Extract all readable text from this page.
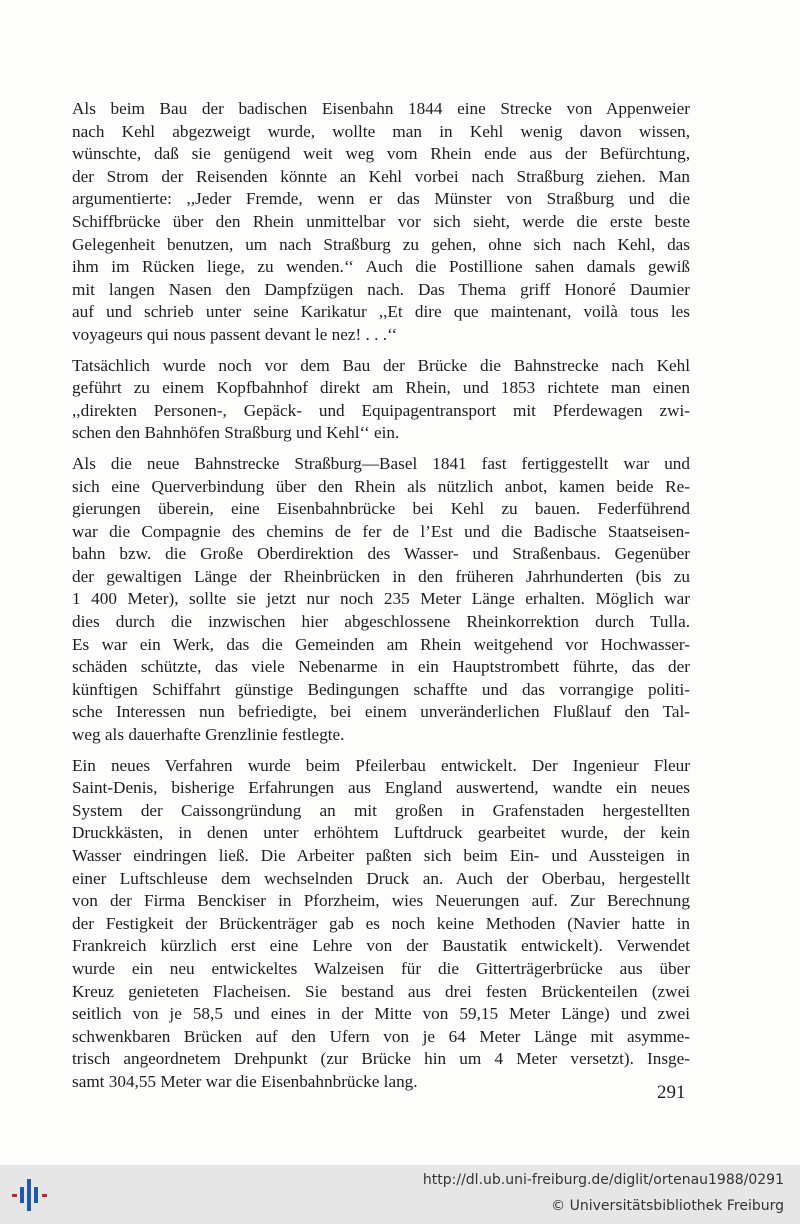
Als beim Bau der badischen Eisenbahn 1844 eine Strecke von Appenweier
nach Kehl abgezweigt wurde, wollte man in Kehl wenig davon wissen,
wünschte, daß sie genügend weit weg vom Rhein ende aus der Befürchtung,
der Strom der Reisenden könnte an Kehl vorbei nach Straßburg ziehen. Man
argumentierte: ,,Jeder Fremde, wenn er das Münster von Straßburg und die
Schiffbrücke über den Rhein unmittelbar vor sich sieht, werde die erste beste
Gelegenheit benutzen, um nach Straßburg zu gehen, ohne sich nach Kehl, das
ihm im Rücken liege, zu wenden.‘‘ Auch die Postillione sahen damals gewiß
mit langen Nasen den Dampfzügen nach. Das Thema griff Honoré Daumier
auf und schrieb unter seine Karikatur ,,Et dire que maintenant, voilà tous les
voyageurs qui nous passent devant le nez! . . .‘‘

Tatsächlich wurde noch vor dem Bau der Brücke die Bahnstrecke nach Kehl
geführt zu einem Kopfbahnhof direkt am Rhein, und 1853 richtete man einen
,,direkten Personen-, Gepäck- und Equipagentransport mit Pferdewagen zwi-
schen den Bahnhöfen Straßburg und Kehl‘‘ ein.

Als die neue Bahnstrecke Straßburg—Basel 1841 fast fertiggestellt war und
sich eine Querverbindung über den Rhein als nützlich anbot, kamen beide Re-
gierungen überein, eine Eisenbahnbrücke bei Kehl zu bauen. Federführend
war die Compagnie des chemins de fer de l’Est und die Badische Staatseisen-
bahn bzw. die Große Oberdirektion des Wasser- und Straßenbaus. Gegenüber
der gewaltigen Länge der Rheinbrücken in den früheren Jahrhunderten (bis zu
1 400 Meter), sollte sie jetzt nur noch 235 Meter Länge erhalten. Möglich war
dies durch die inzwischen hier abgeschlossene Rheinkorrektion durch Tulla.
Es war ein Werk, das die Gemeinden am Rhein weitgehend vor Hochwasser-
schäden schützte, das viele Nebenarme in ein Hauptstrombett führte, das der
künftigen Schiffahrt günstige Bedingungen schaffte und das vorrangige politi-
sche Interessen nun befriedigte, bei einem unveränderlichen Flußlauf den Tal-
weg als dauerhafte Grenzlinie festlegte.

Ein neues Verfahren wurde beim Pfeilerbau entwickelt. Der Ingenieur Fleur
Saint-Denis, bisherige Erfahrungen aus England auswertend, wandte ein neues
System der Caissongründung an mit großen in Grafenstaden hergestellten
Druckkästen, in denen unter erhöhtem Luftdruck gearbeitet wurde, der kein
Wasser eindringen ließ. Die Arbeiter paßten sich beim Ein- und Aussteigen in
einer Luftschleuse dem wechselnden Druck an. Auch der Oberbau, hergestellt
von der Firma Benckiser in Pforzheim, wies Neuerungen auf. Zur Berechnung
der Festigkeit der Brückenträger gab es noch keine Methoden (Navier hatte in
Frankreich kürzlich erst eine Lehre von der Baustatik entwickelt). Verwendet
wurde ein neu entwickeltes Walzeisen für die Gitterträgerbrücke aus über
Kreuz genieteten Flacheisen. Sie bestand aus drei festen Brückenteilen (zwei
seitlich von je 58,5 und eines in der Mitte von 59,15 Meter Länge) und zwei
schwenkbaren Brücken auf den Ufern von je 64 Meter Länge mit asymme-
trisch angeordnetem Drehpunkt (zur Brücke hin um 4 Meter versetzt). Insge-
samt 304,55 Meter war die Eisenbahnbrücke lang.

291
http://dl.ub.uni-freiburg.de/diglit/ortenau1988/0291
© Universitätsbibliothek Freiburg
